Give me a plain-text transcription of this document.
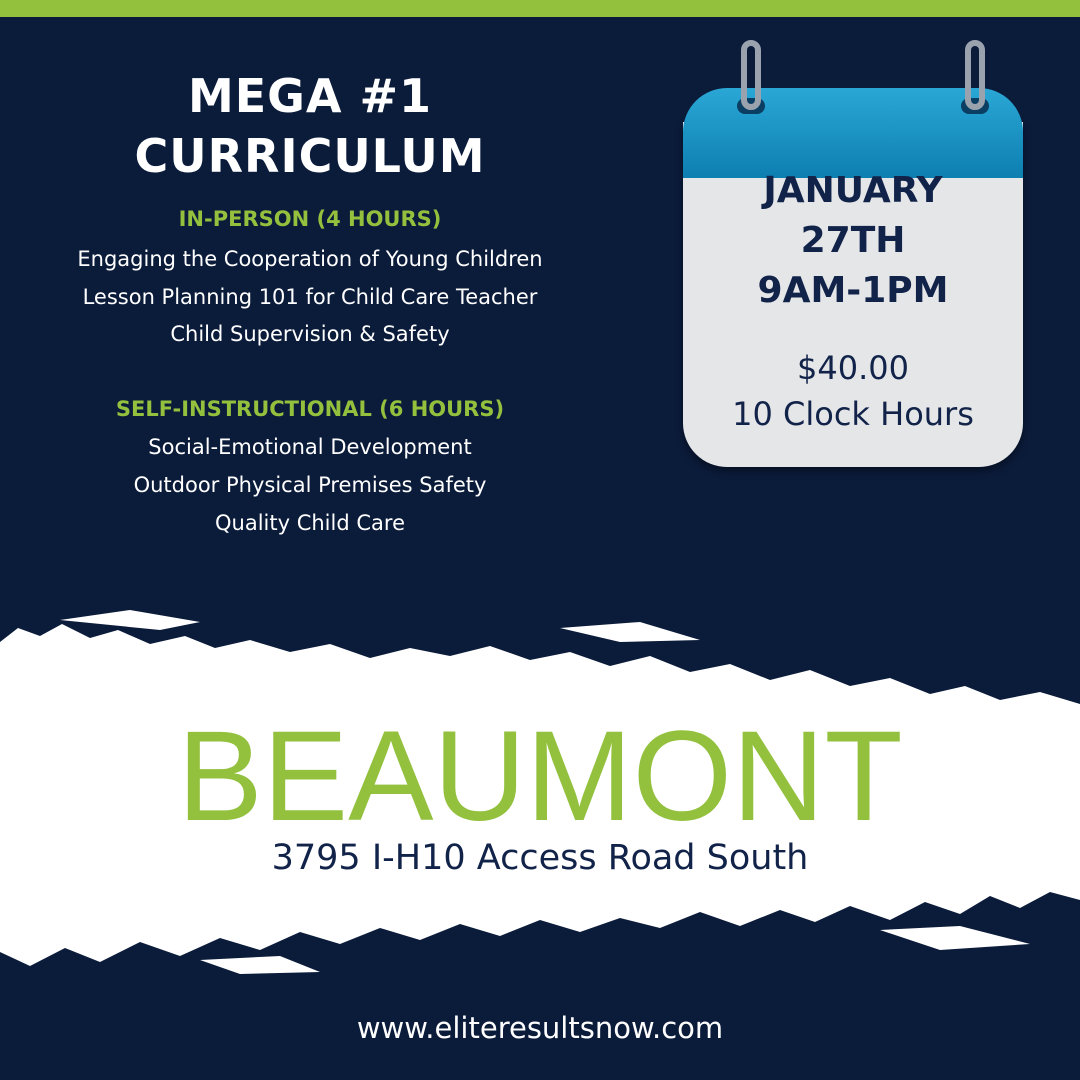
MEGA #1
CURRICULUM
IN-PERSON (4 HOURS)
Engaging the Cooperation of Young Children
Lesson Planning 101 for Child Care Teacher
Child Supervision & Safety
SELF-INSTRUCTIONAL (6 HOURS)
Social-Emotional Development
Outdoor Physical Premises Safety
Quality Child Care
JANUARY
27TH
9AM-1PM
$40.00
10 Clock Hours
BEAUMONT
3795 I-H10 Access Road South
www.eliteresultsnow.com
